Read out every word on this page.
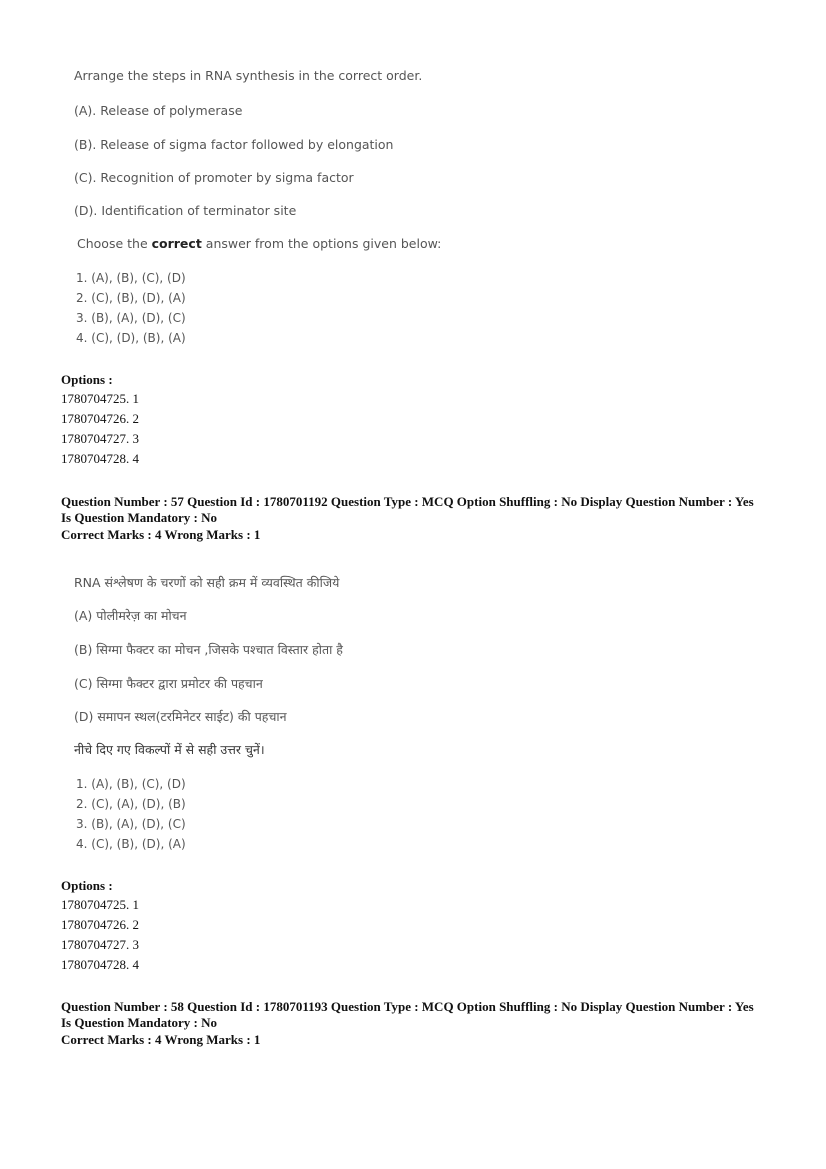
Arrange the steps in RNA synthesis in the correct order.
(A). Release of polymerase
(B). Release of sigma factor followed by elongation
(C). Recognition of promoter by sigma factor
(D). Identification of terminator site
Choose the correct answer from the options given below:
1. (A), (B), (C), (D)
2. (C), (B), (D), (A)
3. (B), (A), (D), (C)
4. (C), (D), (B), (A)
Options :
1780704725. 1
1780704726. 2
1780704727. 3
1780704728. 4
Question Number : 57 Question Id : 1780701192 Question Type : MCQ Option Shuffling : No Display Question Number : Yes
Is Question Mandatory : No
Correct Marks : 4 Wrong Marks : 1
RNA संश्लेषण के चरणों को सही क्रम में व्यवस्थित कीजिये
(A) पोलीमरेज़ का मोचन
(B) सिग्मा फैक्टर का मोचन ,जिसके पश्चात विस्तार होता है
(C) सिग्मा फैक्टर द्वारा प्रमोटर की पहचान
(D) समापन स्थल(टरमिनेटर साईट) की पहचान
नीचे दिए गए विकल्पों में से सही उत्तर चुनें।
1. (A), (B), (C), (D)
2. (C), (A), (D), (B)
3. (B), (A), (D), (C)
4. (C), (B), (D), (A)
Options :
1780704725. 1
1780704726. 2
1780704727. 3
1780704728. 4
Question Number : 58 Question Id : 1780701193 Question Type : MCQ Option Shuffling : No Display Question Number : Yes
Is Question Mandatory : No
Correct Marks : 4 Wrong Marks : 1
